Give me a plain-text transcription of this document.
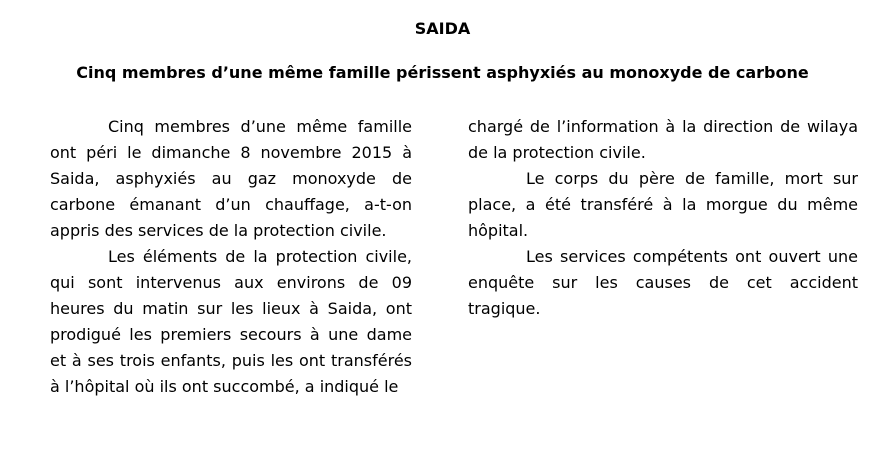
SAIDA
Cinq membres d’une même famille périssent asphyxiés au monoxyde de carbone

Cinq membres d’une même famille ont péri le dimanche 8 novembre 2015 à Saida, asphyxiés au gaz monoxyde de carbone émanant d’un chauffage, a-t-on appris des services de la protection civile.

Les éléments de la protection civile, qui sont intervenus aux environs de 09 heures du matin sur les lieux à Saida, ont prodigué les premiers secours à une dame et à ses trois enfants, puis les ont transférés à l’hôpital où ils ont succombé, a indiqué le

chargé de l’information à la direction de wilaya de la protection civile.

Le corps du père de famille, mort sur place, a été transféré à la morgue du même hôpital.

Les services compétents ont ouvert une enquête sur les causes de cet accident tragique.
